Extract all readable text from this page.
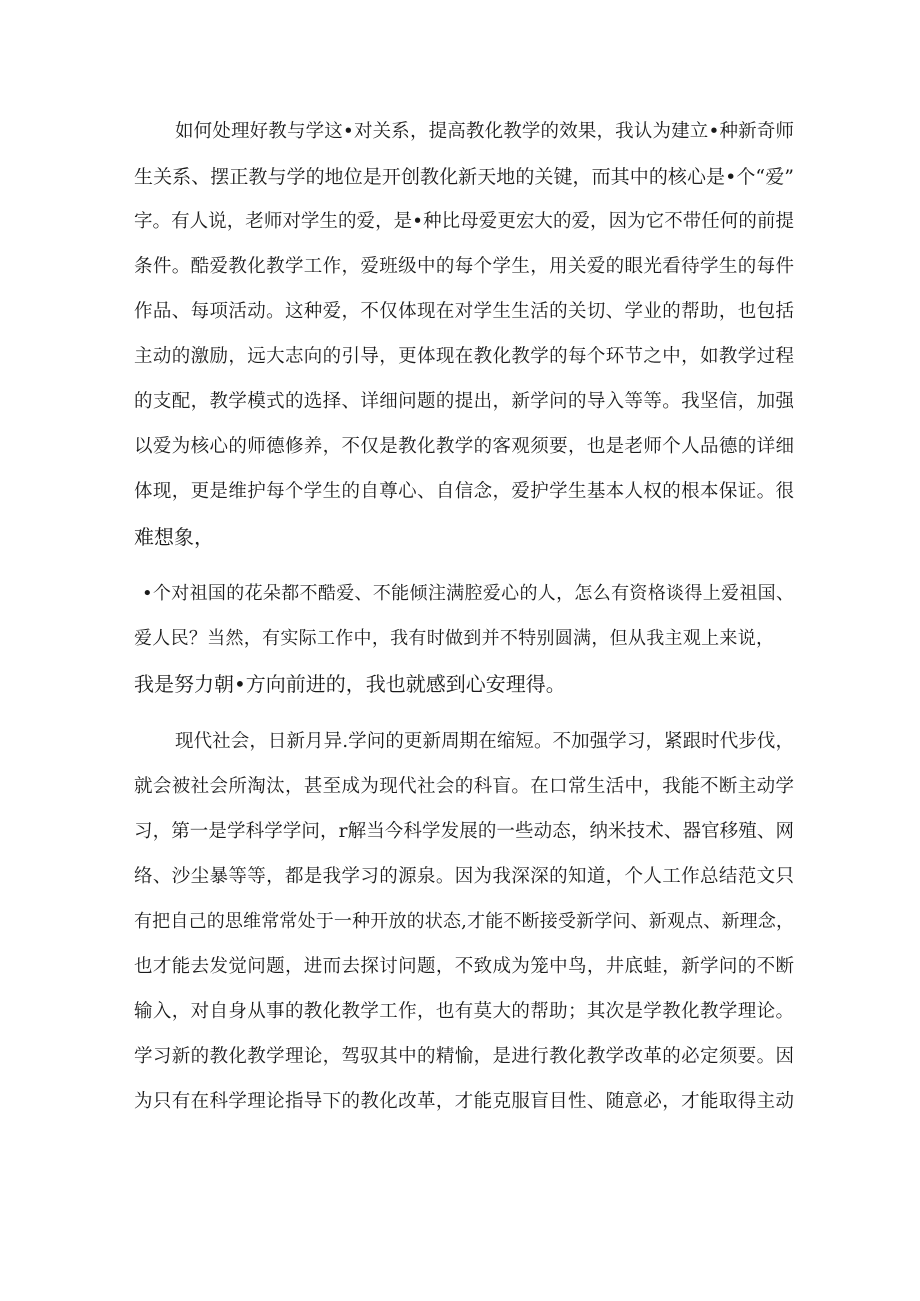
如何处理好教与学这•对关系，提高教化教学的效果，我认为建立•种新奇师
生关系、摆正教与学的地位是开创教化新天地的关键，而其中的核心是•个“爱”
字。有人说，老师对学生的爱，是•种比母爱更宏大的爱，因为它不带任何的前提
条件。酷爱教化教学工作，爱班级中的每个学生，用关爱的眼光看待学生的每件
作品、每项活动。这种爱，不仅体现在对学生生活的关切、学业的帮助，也包括
主动的激励，远大志向的引导，更体现在教化教学的每个环节之中，如教学过程
的支配，教学模式的选择、详细问题的提出，新学问的导入等等。我坚信，加强
以爱为核心的师德修养，不仅是教化教学的客观须要，也是老师个人品德的详细
体现，更是维护每个学生的自尊心、自信念，爱护学生基本人权的根本保证。很
难想象，
•个对祖国的花朵都不酷爱、不能倾注满腔爱心的人，怎么有资格谈得上爱祖国、
爱人民？当然，有实际工作中，我有时做到并不特别圆满，但从我主观上来说，
我是努力朝•方向前进的，我也就感到心安理得。
现代社会，日新月异.学问的更新周期在缩短。不加强学习，紧跟时代步伐，
就会被社会所淘汰，甚至成为现代社会的科盲。在口常生活中，我能不断主动学
习，第一是学科学学问，r解当今科学发展的一些动态，纳米技术、器官移殖、网
络、沙尘暴等等，都是我学习的源泉。因为我深深的知道，个人工作总结范文只
有把自己的思维常常处于一种开放的状态,才能不断接受新学问、新观点、新理念，
也才能去发觉问题，进而去探讨问题，不致成为笼中鸟，井底蛙，新学问的不断
输入，对自身从事的教化教学工作，也有莫大的帮助；其次是学教化教学理论。
学习新的教化教学理论，驾驭其中的精愉，是进行教化教学改革的必定须要。因
为只有在科学理论指导下的教化改革，才能克服盲目性、随意必，才能取得主动
